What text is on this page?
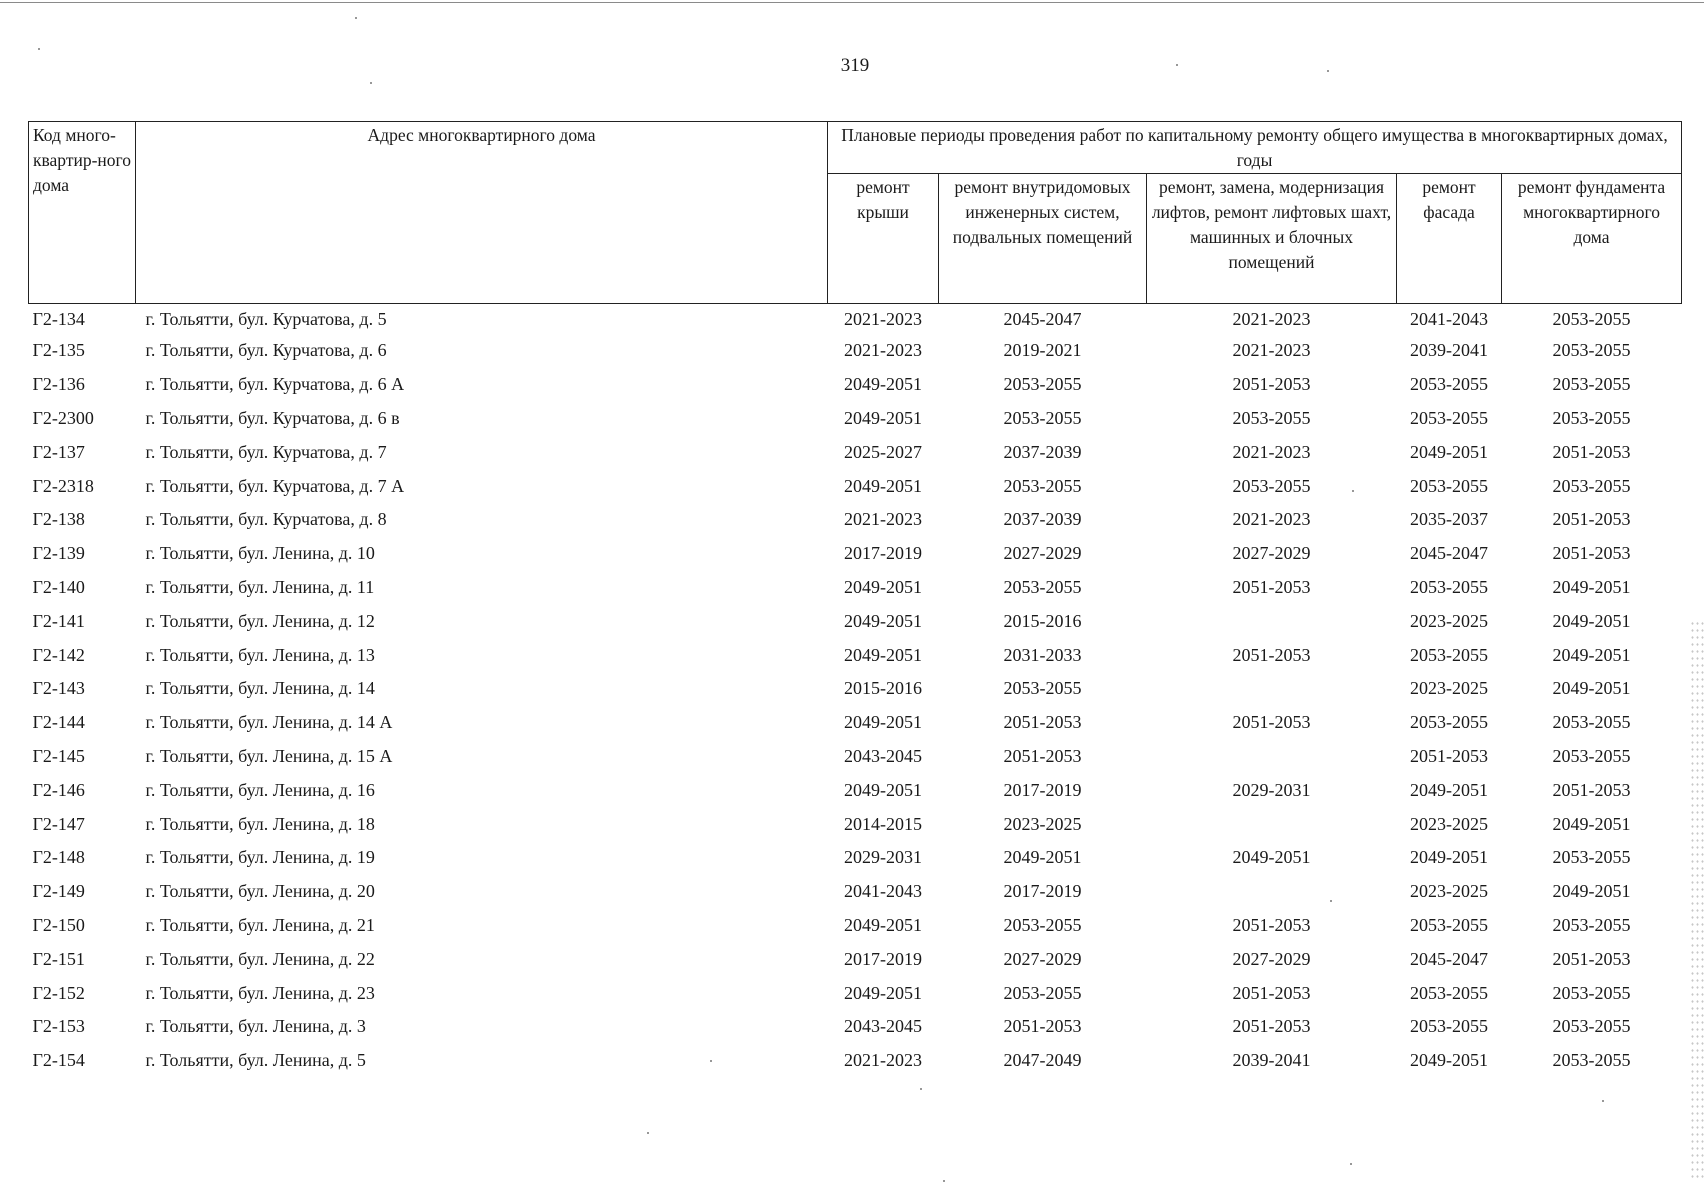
319
Код много-квартир-ного дома	Адрес многоквартирного дома	Плановые периоды проведения работ по капитальному ремонту общего имущества в многоквартирных домах, годы				
		ремонт крыши	ремонт внутридомовых инженерных систем, подвальных помещений	ремонт, замена, модернизация лифтов, ремонт лифтовых шахт, машинных и блочных помещений	ремонт фасада	ремонт фундамента многоквартирного дома
Г2-134	г. Тольятти, бул. Курчатова, д. 5	2021-2023	2045-2047	2021-2023	2041-2043	2053-2055
Г2-135	г. Тольятти, бул. Курчатова, д. 6	2021-2023	2019-2021	2021-2023	2039-2041	2053-2055
Г2-136	г. Тольятти, бул. Курчатова, д. 6 А	2049-2051	2053-2055	2051-2053	2053-2055	2053-2055
Г2-2300	г. Тольятти, бул. Курчатова, д. 6 в	2049-2051	2053-2055	2053-2055	2053-2055	2053-2055
Г2-137	г. Тольятти, бул. Курчатова, д. 7	2025-2027	2037-2039	2021-2023	2049-2051	2051-2053
Г2-2318	г. Тольятти, бул. Курчатова, д. 7 А	2049-2051	2053-2055	2053-2055	2053-2055	2053-2055
Г2-138	г. Тольятти, бул. Курчатова, д. 8	2021-2023	2037-2039	2021-2023	2035-2037	2051-2053
Г2-139	г. Тольятти, бул. Ленина, д. 10	2017-2019	2027-2029	2027-2029	2045-2047	2051-2053
Г2-140	г. Тольятти, бул. Ленина, д. 11	2049-2051	2053-2055	2051-2053	2053-2055	2049-2051
Г2-141	г. Тольятти, бул. Ленина, д. 12	2049-2051	2015-2016		2023-2025	2049-2051
Г2-142	г. Тольятти, бул. Ленина, д. 13	2049-2051	2031-2033	2051-2053	2053-2055	2049-2051
Г2-143	г. Тольятти, бул. Ленина, д. 14	2015-2016	2053-2055		2023-2025	2049-2051
Г2-144	г. Тольятти, бул. Ленина, д. 14 А	2049-2051	2051-2053	2051-2053	2053-2055	2053-2055
Г2-145	г. Тольятти, бул. Ленина, д. 15 А	2043-2045	2051-2053		2051-2053	2053-2055
Г2-146	г. Тольятти, бул. Ленина, д. 16	2049-2051	2017-2019	2029-2031	2049-2051	2051-2053
Г2-147	г. Тольятти, бул. Ленина, д. 18	2014-2015	2023-2025		2023-2025	2049-2051
Г2-148	г. Тольятти, бул. Ленина, д. 19	2029-2031	2049-2051	2049-2051	2049-2051	2053-2055
Г2-149	г. Тольятти, бул. Ленина, д. 20	2041-2043	2017-2019		2023-2025	2049-2051
Г2-150	г. Тольятти, бул. Ленина, д. 21	2049-2051	2053-2055	2051-2053	2053-2055	2053-2055
Г2-151	г. Тольятти, бул. Ленина, д. 22	2017-2019	2027-2029	2027-2029	2045-2047	2051-2053
Г2-152	г. Тольятти, бул. Ленина, д. 23	2049-2051	2053-2055	2051-2053	2053-2055	2053-2055
Г2-153	г. Тольятти, бул. Ленина, д. 3	2043-2045	2051-2053	2051-2053	2053-2055	2053-2055
Г2-154	г. Тольятти, бул. Ленина, д. 5	2021-2023	2047-2049	2039-2041	2049-2051	2053-2055
